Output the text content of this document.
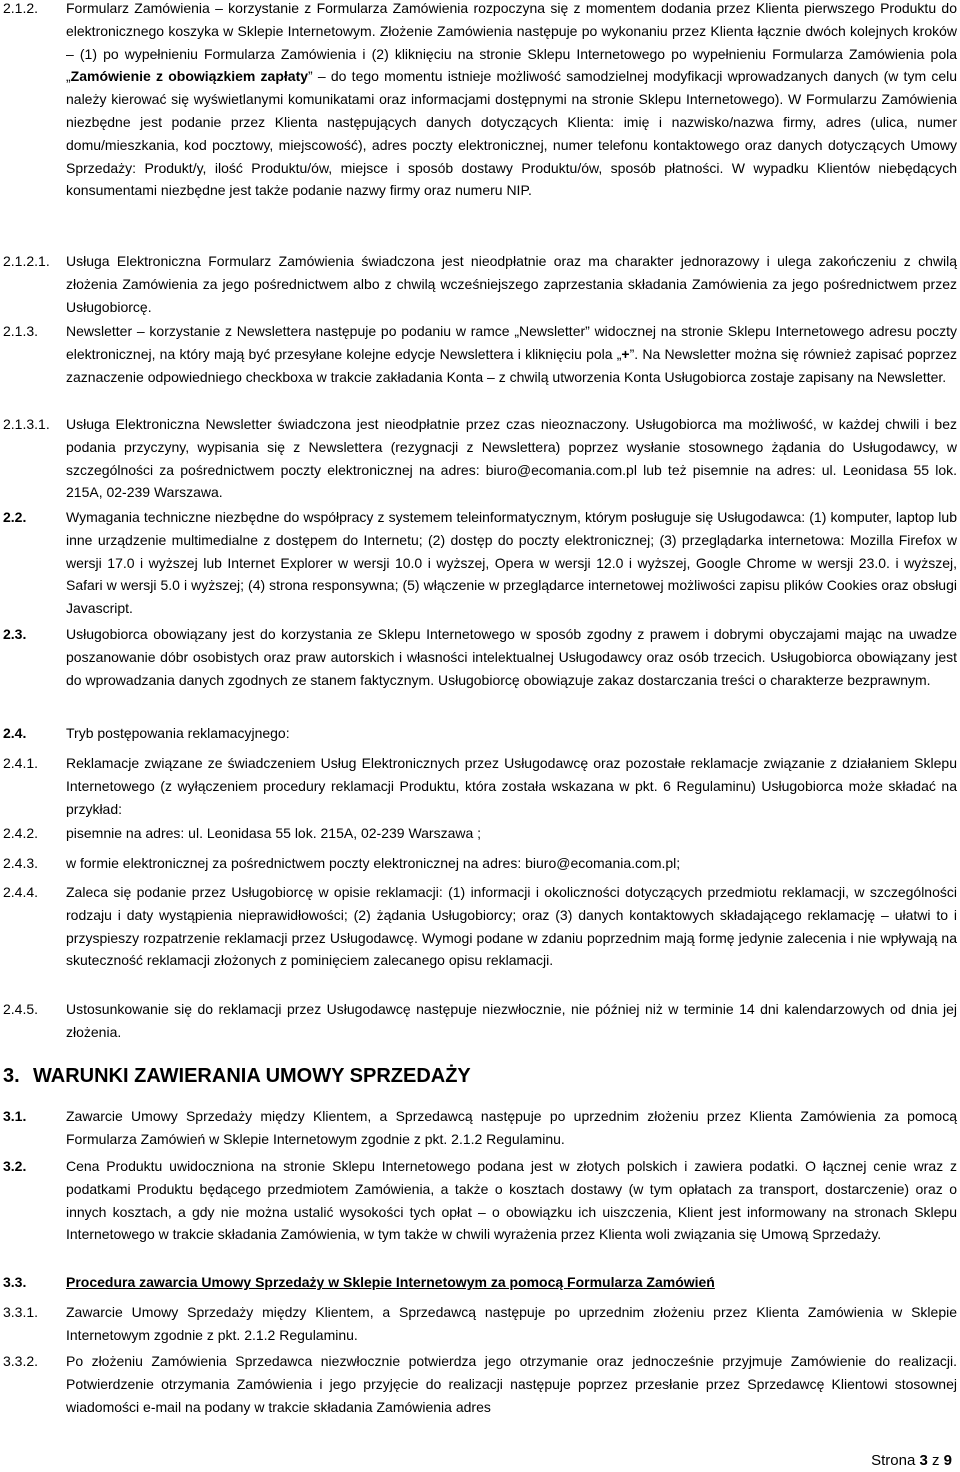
2.1.2. Formularz Zamówienia – korzystanie z Formularza Zamówienia rozpoczyna się z momentem dodania przez Klienta pierwszego Produktu do elektronicznego koszyka w Sklepie Internetowym. Złożenie Zamówienia następuje po wykonaniu przez Klienta łącznie dwóch kolejnych kroków – (1) po wypełnieniu Formularza Zamówienia i (2) kliknięciu na stronie Sklepu Internetowego po wypełnieniu Formularza Zamówienia pola „Zamówienie z obowiązkiem zapłaty” – do tego momentu istnieje możliwość samodzielnej modyfikacji wprowadzanych danych (w tym celu należy kierować się wyświetlanymi komunikatami oraz informacjami dostępnymi na stronie Sklepu Internetowego). W Formularzu Zamówienia niezbędne jest podanie przez Klienta następujących danych dotyczących Klienta: imię i nazwisko/nazwa firmy, adres (ulica, numer domu/mieszkania, kod pocztowy, miejscowość), adres poczty elektronicznej, numer telefonu kontaktowego oraz danych dotyczących Umowy Sprzedaży: Produkt/y, ilość Produktu/ów, miejsce i sposób dostawy Produktu/ów, sposób płatności. W wypadku Klientów niebędących konsumentami niezbędne jest także podanie nazwy firmy oraz numeru NIP.
2.1.2.1. Usługa Elektroniczna Formularz Zamówienia świadczona jest nieodpłatnie oraz ma charakter jednorazowy i ulega zakończeniu z chwilą złożenia Zamówienia za jego pośrednictwem albo z chwilą wcześniejszego zaprzestania składania Zamówienia za jego pośrednictwem przez Usługobiorcę.
2.1.3. Newsletter – korzystanie z Newslettera następuje po podaniu w ramce „Newsletter” widocznej na stronie Sklepu Internetowego adresu poczty elektronicznej, na który mają być przesyłane kolejne edycje Newslettera i kliknięciu pola „+”. Na Newsletter można się również zapisać poprzez zaznaczenie odpowiedniego checkboxa w trakcie zakładania Konta – z chwilą utworzenia Konta Usługobiorca zostaje zapisany na Newsletter.
2.1.3.1. Usługa Elektroniczna Newsletter świadczona jest nieodpłatnie przez czas nieoznaczony. Usługobiorca ma możliwość, w każdej chwili i bez podania przyczyny, wypisania się z Newslettera (rezygnacji z Newslettera) poprzez wysłanie stosownego żądania do Usługodawcy, w szczególności za pośrednictwem poczty elektronicznej na adres: biuro@ecomania.com.pl lub też pisemnie na adres: ul. Leonidasa 55 lok. 215A, 02-239 Warszawa.
2.2.	Wymagania techniczne niezbędne do współpracy z systemem teleinformatycznym, którym posługuje się Usługodawca: (1) komputer, laptop lub inne urządzenie multimedialne z dostępem do Internetu; (2) dostęp do poczty elektronicznej; (3) przeglądarka internetowa: Mozilla Firefox w wersji 17.0 i wyższej lub Internet Explorer w wersji 10.0 i wyższej, Opera w wersji 12.0 i wyższej, Google Chrome w wersji 23.0. i wyższej, Safari w wersji 5.0 i wyższej; (4) strona responsywna; (5) włączenie w przeglądarce internetowej możliwości zapisu plików Cookies oraz obsługi Javascript.
2.3.	Usługobiorca obowiązany jest do korzystania ze Sklepu Internetowego w sposób zgodny z prawem i dobrymi obyczajami mając na uwadze poszanowanie dóbr osobistych oraz praw autorskich i własności intelektualnej Usługodawcy oraz osób trzecich. Usługobiorca obowiązany jest do wprowadzania danych zgodnych ze stanem faktycznym. Usługobiorcę obowiązuje zakaz dostarczania treści o charakterze bezprawnym.
2.4.	Tryb postępowania reklamacyjnego:
2.4.1. Reklamacje związane ze świadczeniem Usług Elektronicznych przez Usługodawcę oraz pozostałe reklamacje związanie z działaniem Sklepu Internetowego (z wyłączeniem procedury reklamacji Produktu, która została wskazana w pkt. 6 Regulaminu) Usługobiorca może składać na przykład:
2.4.2. pisemnie na adres: ul. Leonidasa 55 lok. 215A, 02-239 Warszawa ;
2.4.3. w formie elektronicznej za pośrednictwem poczty elektronicznej na adres: biuro@ecomania.com.pl;
2.4.4. Zaleca się podanie przez Usługobiorcę w opisie reklamacji: (1) informacji i okoliczności dotyczących przedmiotu reklamacji, w szczególności rodzaju i daty wystąpienia nieprawidłowości; (2) żądania Usługobiorcy; oraz (3) danych kontaktowych składającego reklamację – ułatwi to i przyspieszy rozpatrzenie reklamacji przez Usługodawcę. Wymogi podane w zdaniu poprzednim mają formę jedynie zalecenia i nie wpływają na skuteczność reklamacji złożonych z pominięciem zalecanego opisu reklamacji.
2.4.5. Ustosunkowanie się do reklamacji przez Usługodawcę następuje niezwłocznie, nie później niż w terminie 14 dni kalendarzowych od dnia jej złożenia.
3. WARUNKI ZAWIERANIA UMOWY SPRZEDAŻY
3.1.	Zawarcie Umowy Sprzedaży między Klientem, a Sprzedawcą następuje po uprzednim złożeniu przez Klienta Zamówienia za pomocą Formularza Zamówień w Sklepie Internetowym zgodnie z pkt. 2.1.2 Regulaminu.
3.2.	Cena Produktu uwidoczniona na stronie Sklepu Internetowego podana jest w złotych polskich i zawiera podatki. O łącznej cenie wraz z podatkami Produktu będącego przedmiotem Zamówienia, a także o kosztach dostawy (w tym opłatach za transport, dostarczenie) oraz o innych kosztach, a gdy nie można ustalić wysokości tych opłat – o obowiązku ich uiszczenia, Klient jest informowany na stronach Sklepu Internetowego w trakcie składania Zamówienia, w tym także w chwili wyrażenia przez Klienta woli związania się Umową Sprzedaży.
3.3.	Procedura zawarcia Umowy Sprzedaży w Sklepie Internetowym za pomocą Formularza Zamówień
3.3.1. Zawarcie Umowy Sprzedaży między Klientem, a Sprzedawcą następuje po uprzednim złożeniu przez Klienta Zamówienia w Sklepie Internetowym zgodnie z pkt. 2.1.2 Regulaminu.
3.3.2. Po złożeniu Zamówienia Sprzedawca niezwłocznie potwierdza jego otrzymanie oraz jednocześnie przyjmuje Zamówienie do realizacji. Potwierdzenie otrzymania Zamówienia i jego przyjęcie do realizacji następuje poprzez przesłanie przez Sprzedawcę Klientowi stosownej wiadomości e-mail na podany w trakcie składania Zamówienia adres
Strona 3 z 9
